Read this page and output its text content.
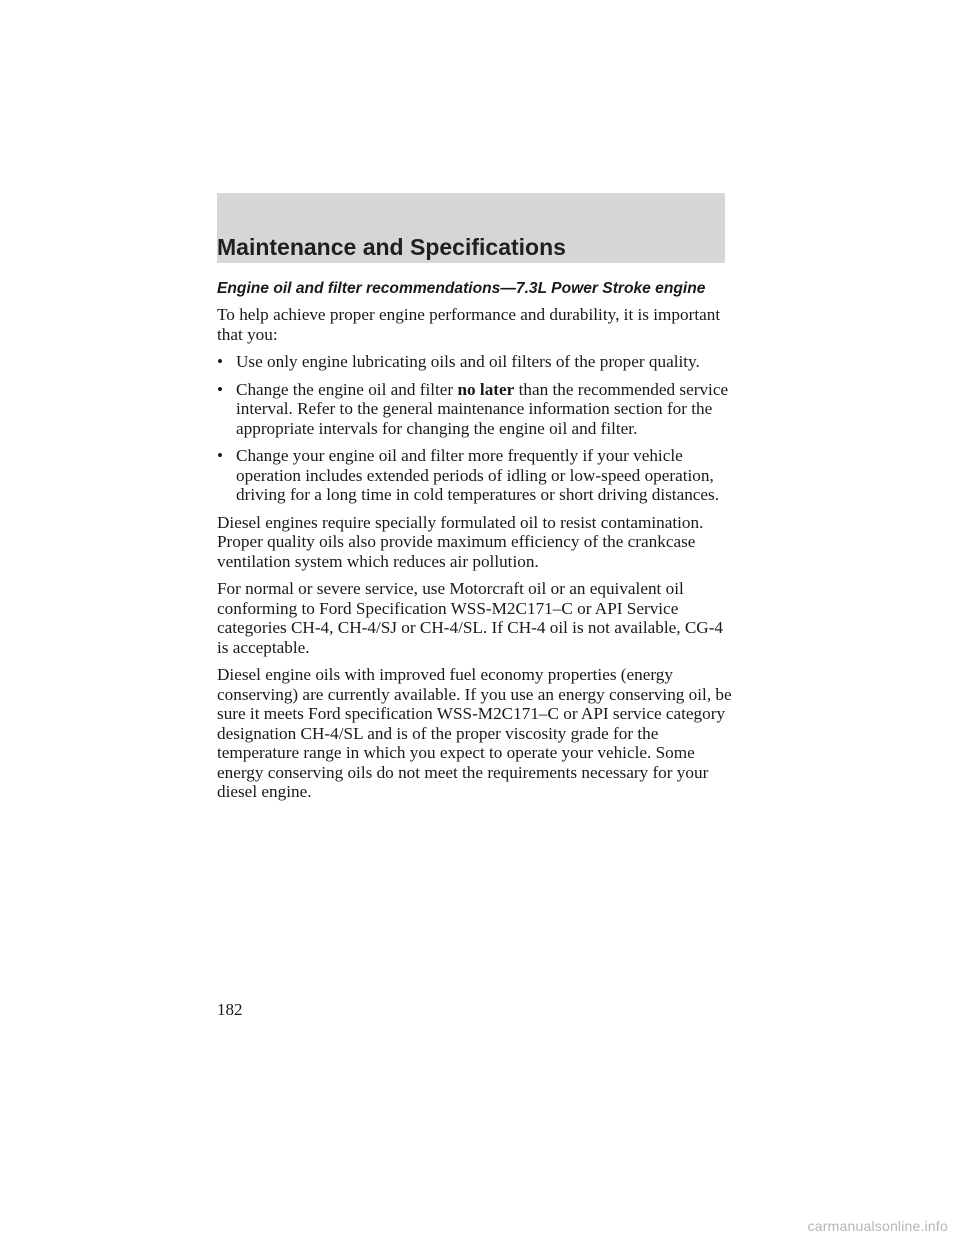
Maintenance and Specifications
Engine oil and filter recommendations—7.3L Power Stroke engine

To help achieve proper engine performance and durability, it is important that you:

• Use only engine lubricating oils and oil filters of the proper quality.
• Change the engine oil and filter no later than the recommended service interval. Refer to the general maintenance information section for the appropriate intervals for changing the engine oil and filter.
• Change your engine oil and filter more frequently if your vehicle operation includes extended periods of idling or low-speed operation, driving for a long time in cold temperatures or short driving distances.

Diesel engines require specially formulated oil to resist contamination. Proper quality oils also provide maximum efficiency of the crankcase ventilation system which reduces air pollution.

For normal or severe service, use Motorcraft oil or an equivalent oil conforming to Ford Specification WSS-M2C171–C or API Service categories CH-4, CH-4/SJ or CH-4/SL. If CH-4 oil is not available, CG-4 is acceptable.

Diesel engine oils with improved fuel economy properties (energy conserving) are currently available. If you use an energy conserving oil, be sure it meets Ford specification WSS-M2C171–C or API service category designation CH-4/SL and is of the proper viscosity grade for the temperature range in which you expect to operate your vehicle. Some energy conserving oils do not meet the requirements necessary for your diesel engine.

182
carmanualsonline.info
